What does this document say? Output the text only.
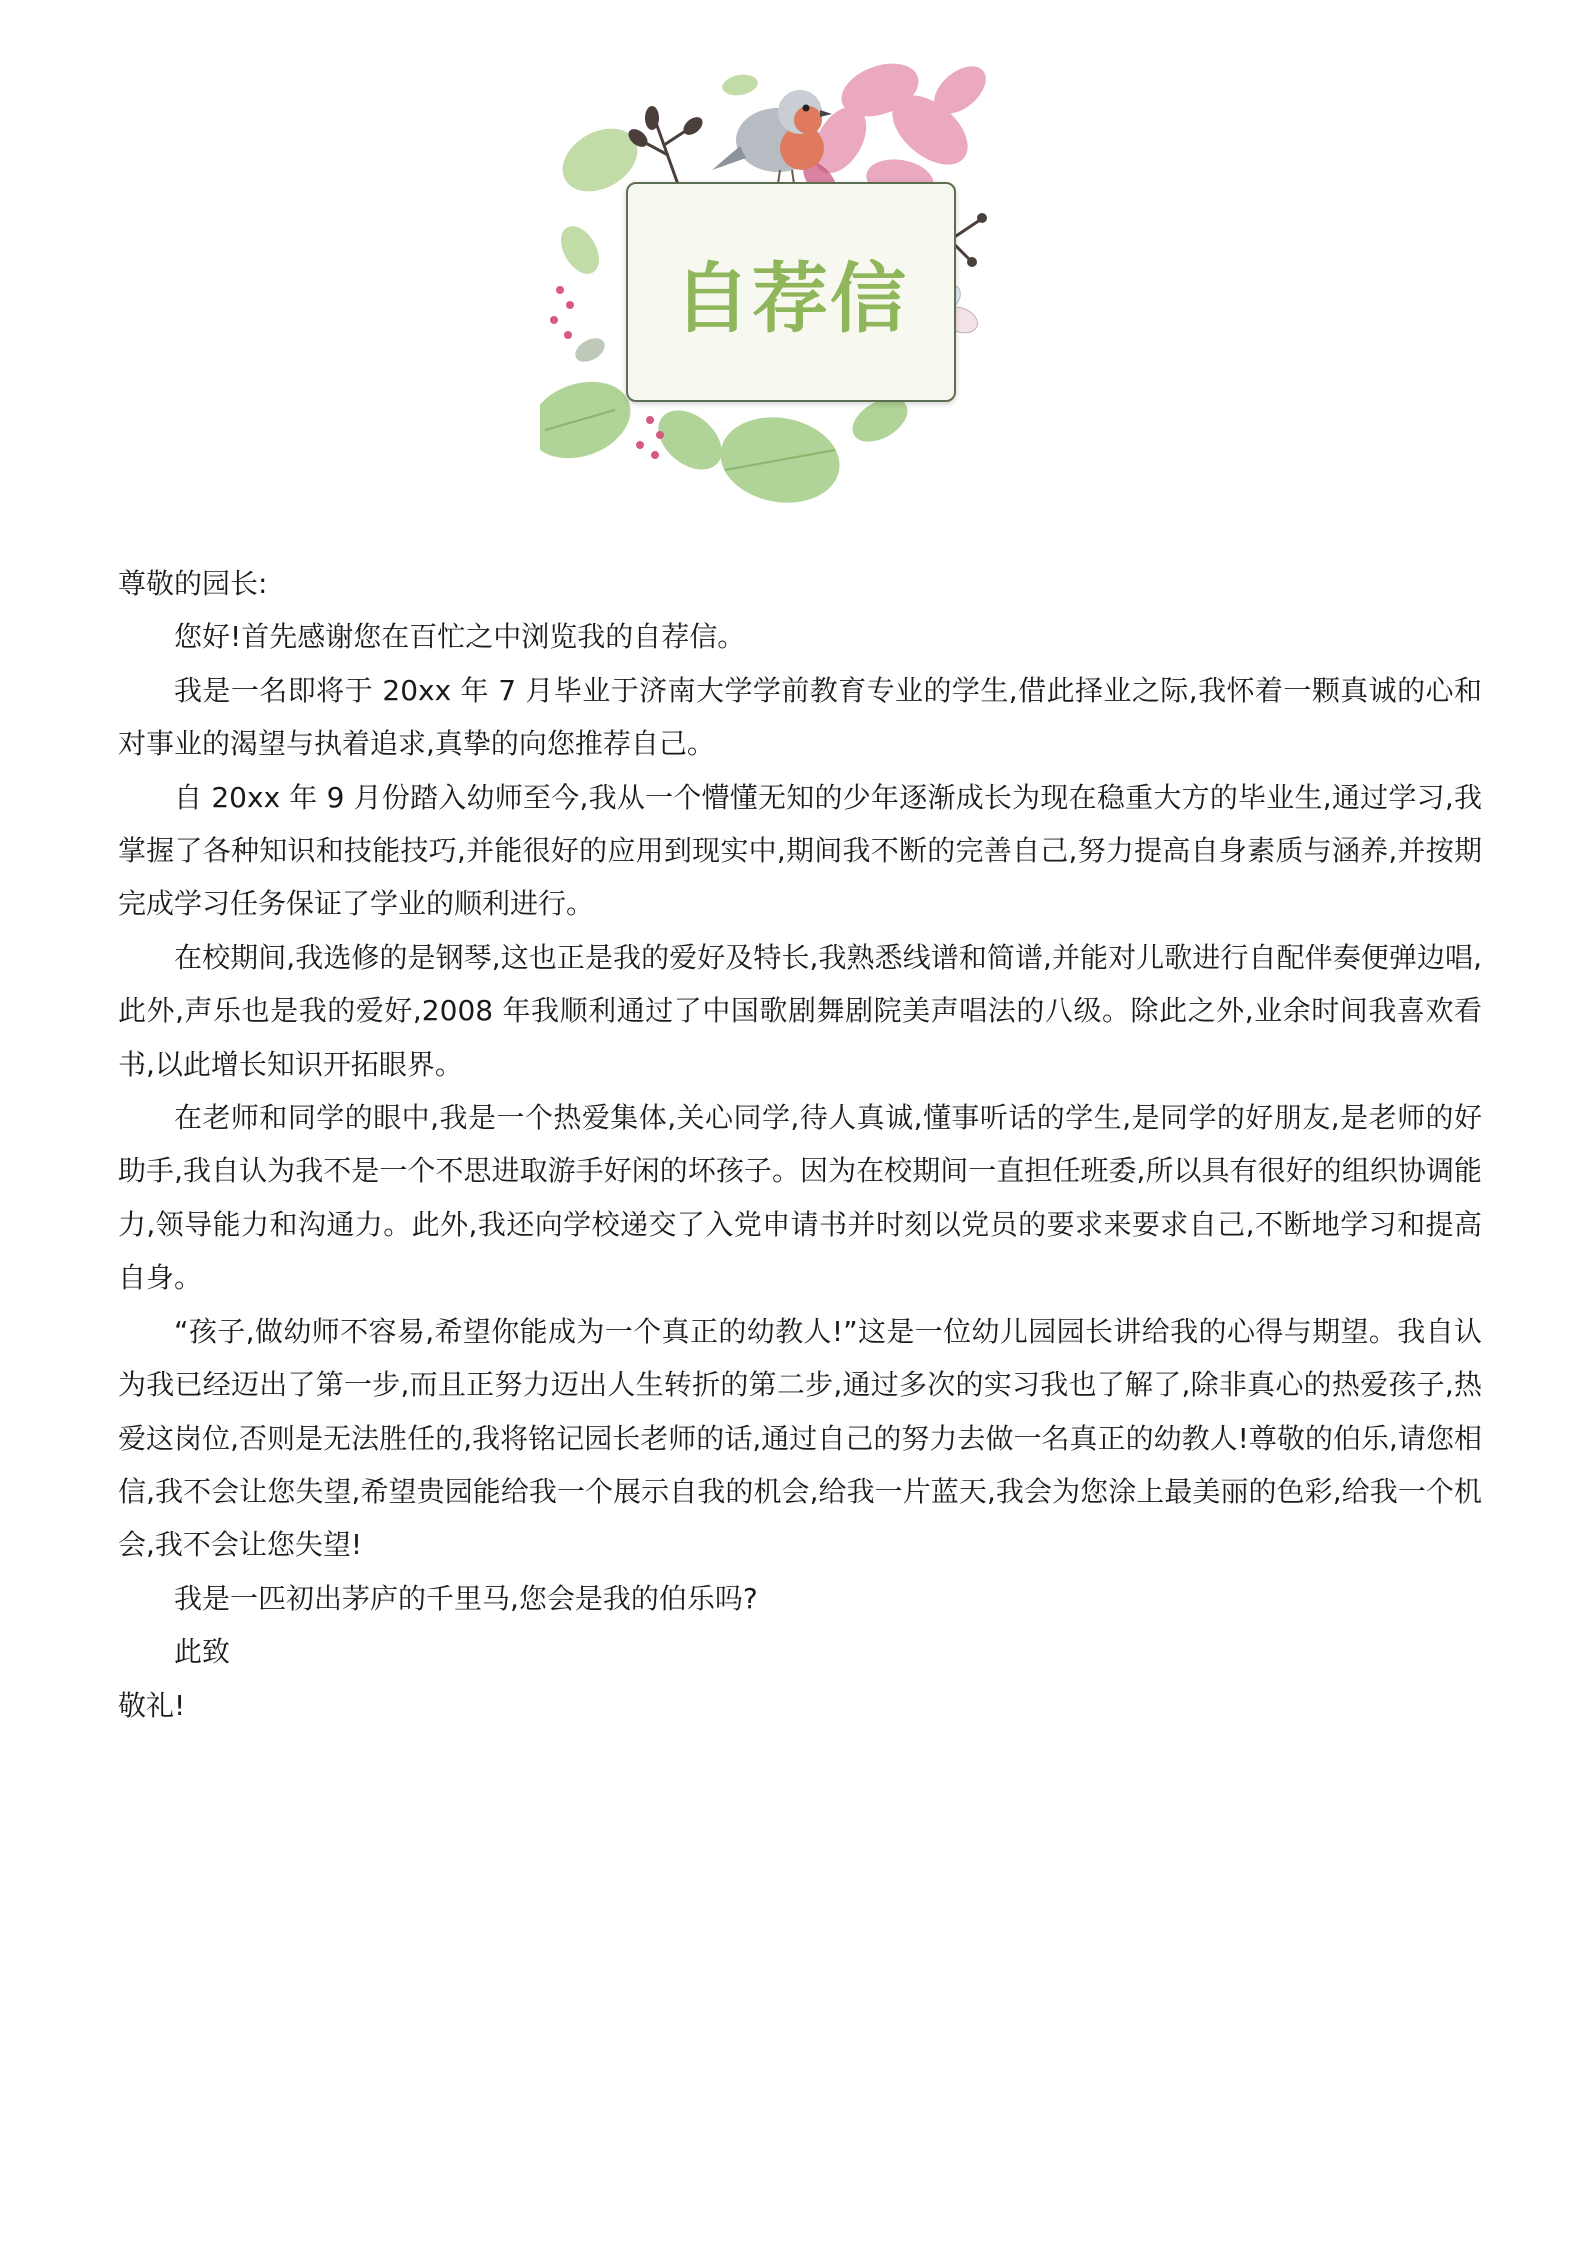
自荐信

尊敬的园长:

您好!首先感谢您在百忙之中浏览我的自荐信。

我是一名即将于 20xx 年 7 月毕业于济南大学学前教育专业的学生,借此择业之际,我怀着一颗真诚的心和对事业的渴望与执着追求,真挚的向您推荐自己。

自 20xx 年 9 月份踏入幼师至今,我从一个懵懂无知的少年逐渐成长为现在稳重大方的毕业生,通过学习,我掌握了各种知识和技能技巧,并能很好的应用到现实中,期间我不断的完善自己,努力提高自身素质与涵养,并按期完成学习任务保证了学业的顺利进行。

在校期间,我选修的是钢琴,这也正是我的爱好及特长,我熟悉线谱和简谱,并能对儿歌进行自配伴奏便弹边唱,此外,声乐也是我的爱好,2008 年我顺利通过了中国歌剧舞剧院美声唱法的八级。除此之外,业余时间我喜欢看书,以此增长知识开拓眼界。

在老师和同学的眼中,我是一个热爱集体,关心同学,待人真诚,懂事听话的学生,是同学的好朋友,是老师的好助手,我自认为我不是一个不思进取游手好闲的坏孩子。因为在校期间一直担任班委,所以具有很好的组织协调能力,领导能力和沟通力。此外,我还向学校递交了入党申请书并时刻以党员的要求来要求自己,不断地学习和提高自身。

“孩子,做幼师不容易,希望你能成为一个真正的幼教人!”这是一位幼儿园园长讲给我的心得与期望。我自认为我已经迈出了第一步,而且正努力迈出人生转折的第二步,通过多次的实习我也了解了,除非真心的热爱孩子,热爱这岗位,否则是无法胜任的,我将铭记园长老师的话,通过自己的努力去做一名真正的幼教人!尊敬的伯乐,请您相信,我不会让您失望,希望贵园能给我一个展示自我的机会,给我一片蓝天,我会为您涂上最美丽的色彩,给我一个机会,我不会让您失望!

我是一匹初出茅庐的千里马,您会是我的伯乐吗?

此致

敬礼!
